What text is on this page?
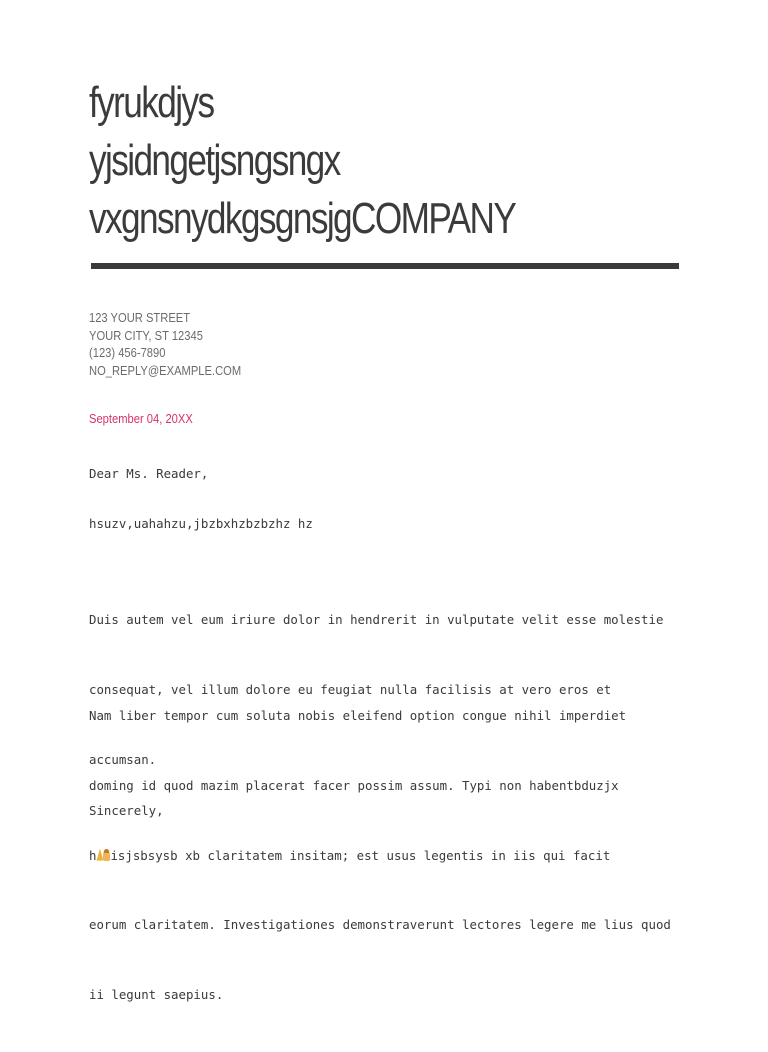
fyrukdjys
yjsidngetjsngsngx
vxgnsnydkgsgnsjgCOMPANY
123 YOUR STREET
YOUR CITY, ST 12345
(123) 456-7890
NO_REPLY@EXAMPLE.COM
September 04, 20XX
Dear Ms. Reader,
hsuzv,uahahzu,jbzbxhzbzbzhz hz

Duis autem vel eum iriure dolor in hendrerit in vulputate velit esse molestie

consequat, vel illum dolore eu feugiat nulla facilisis at vero eros et

accumsan.

Nam liber tempor cum soluta nobis eleifend option congue nihil imperdiet

doming id quod mazim placerat facer possim assum. Typi non habentbduzjx

h isjsbsysb xb claritatem insitam; est usus legentis in iis qui facit

eorum claritatem. Investigationes demonstraverunt lectores legere me lius quod

ii legunt saepius.

Sincerely,
